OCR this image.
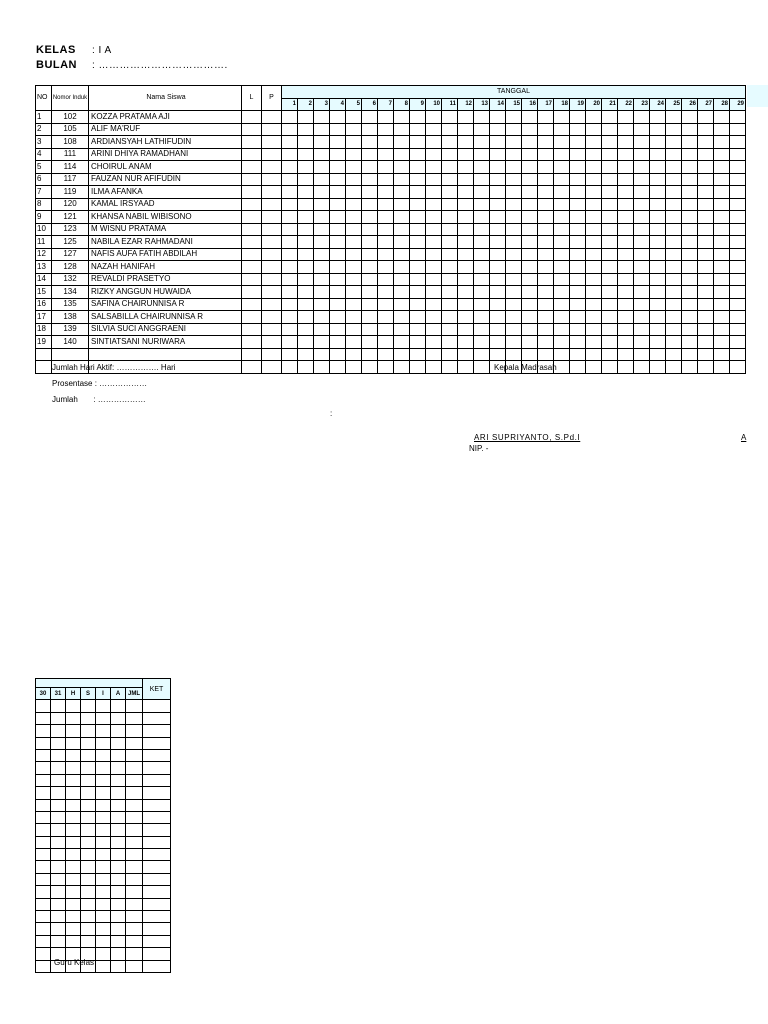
KELAS : I A
BULAN : ……………………………….
NO	Nomor Induk	Nama Siswa	L	P	TANGGAL																												
					1	2	3	4	5	6	7	8	9	10	11	12	13	14	15	16	17	18	19	20	21	22	23	24	25	26	27	28	29
1	102	KOZZA PRATAMA AJI																															
2	105	ALIF MA'RUF																															
3	108	ARDIANSYAH LATHIFUDIN																															
4	111	ARINI DHIYA RAMADHANI																															
5	114	CHOIRUL ANAM																															
6	117	FAUZAN NUR AFIFUDIN																															
7	119	ILMA AFANKA																															
8	120	KAMAL IRSYAAD																															
9	121	KHANSA NABIL WIBISONO																															
10	123	M WISNU PRATAMA																															
11	125	NABILA EZAR RAHMADANI																															
12	127	NAFIS AUFA FATIH ABDILAH																															
13	128	NAZAH HANIFAH																															
14	132	REVALDI PRASETYO																															
15	134	RIZKY ANGGUN HUWAIDA																															
16	135	SAFINA CHAIRUNNISA R																															
17	138	SALSABILLA CHAIRUNNISA R																															
18	139	SILVIA SUCI ANGGRAENI																															
19	140	SINTIATSANI NURIWARA																															

Jumlah Hari Aktif: ……………. Hari
Prosentase : ………………
Jumlah       : ………………
:
Kepala Madrasah
ARI SUPRIYANTO, S.Pd.I
NIP. -
A
							KET
30	31	H	S	I	A	JML	

Guru Kelas
